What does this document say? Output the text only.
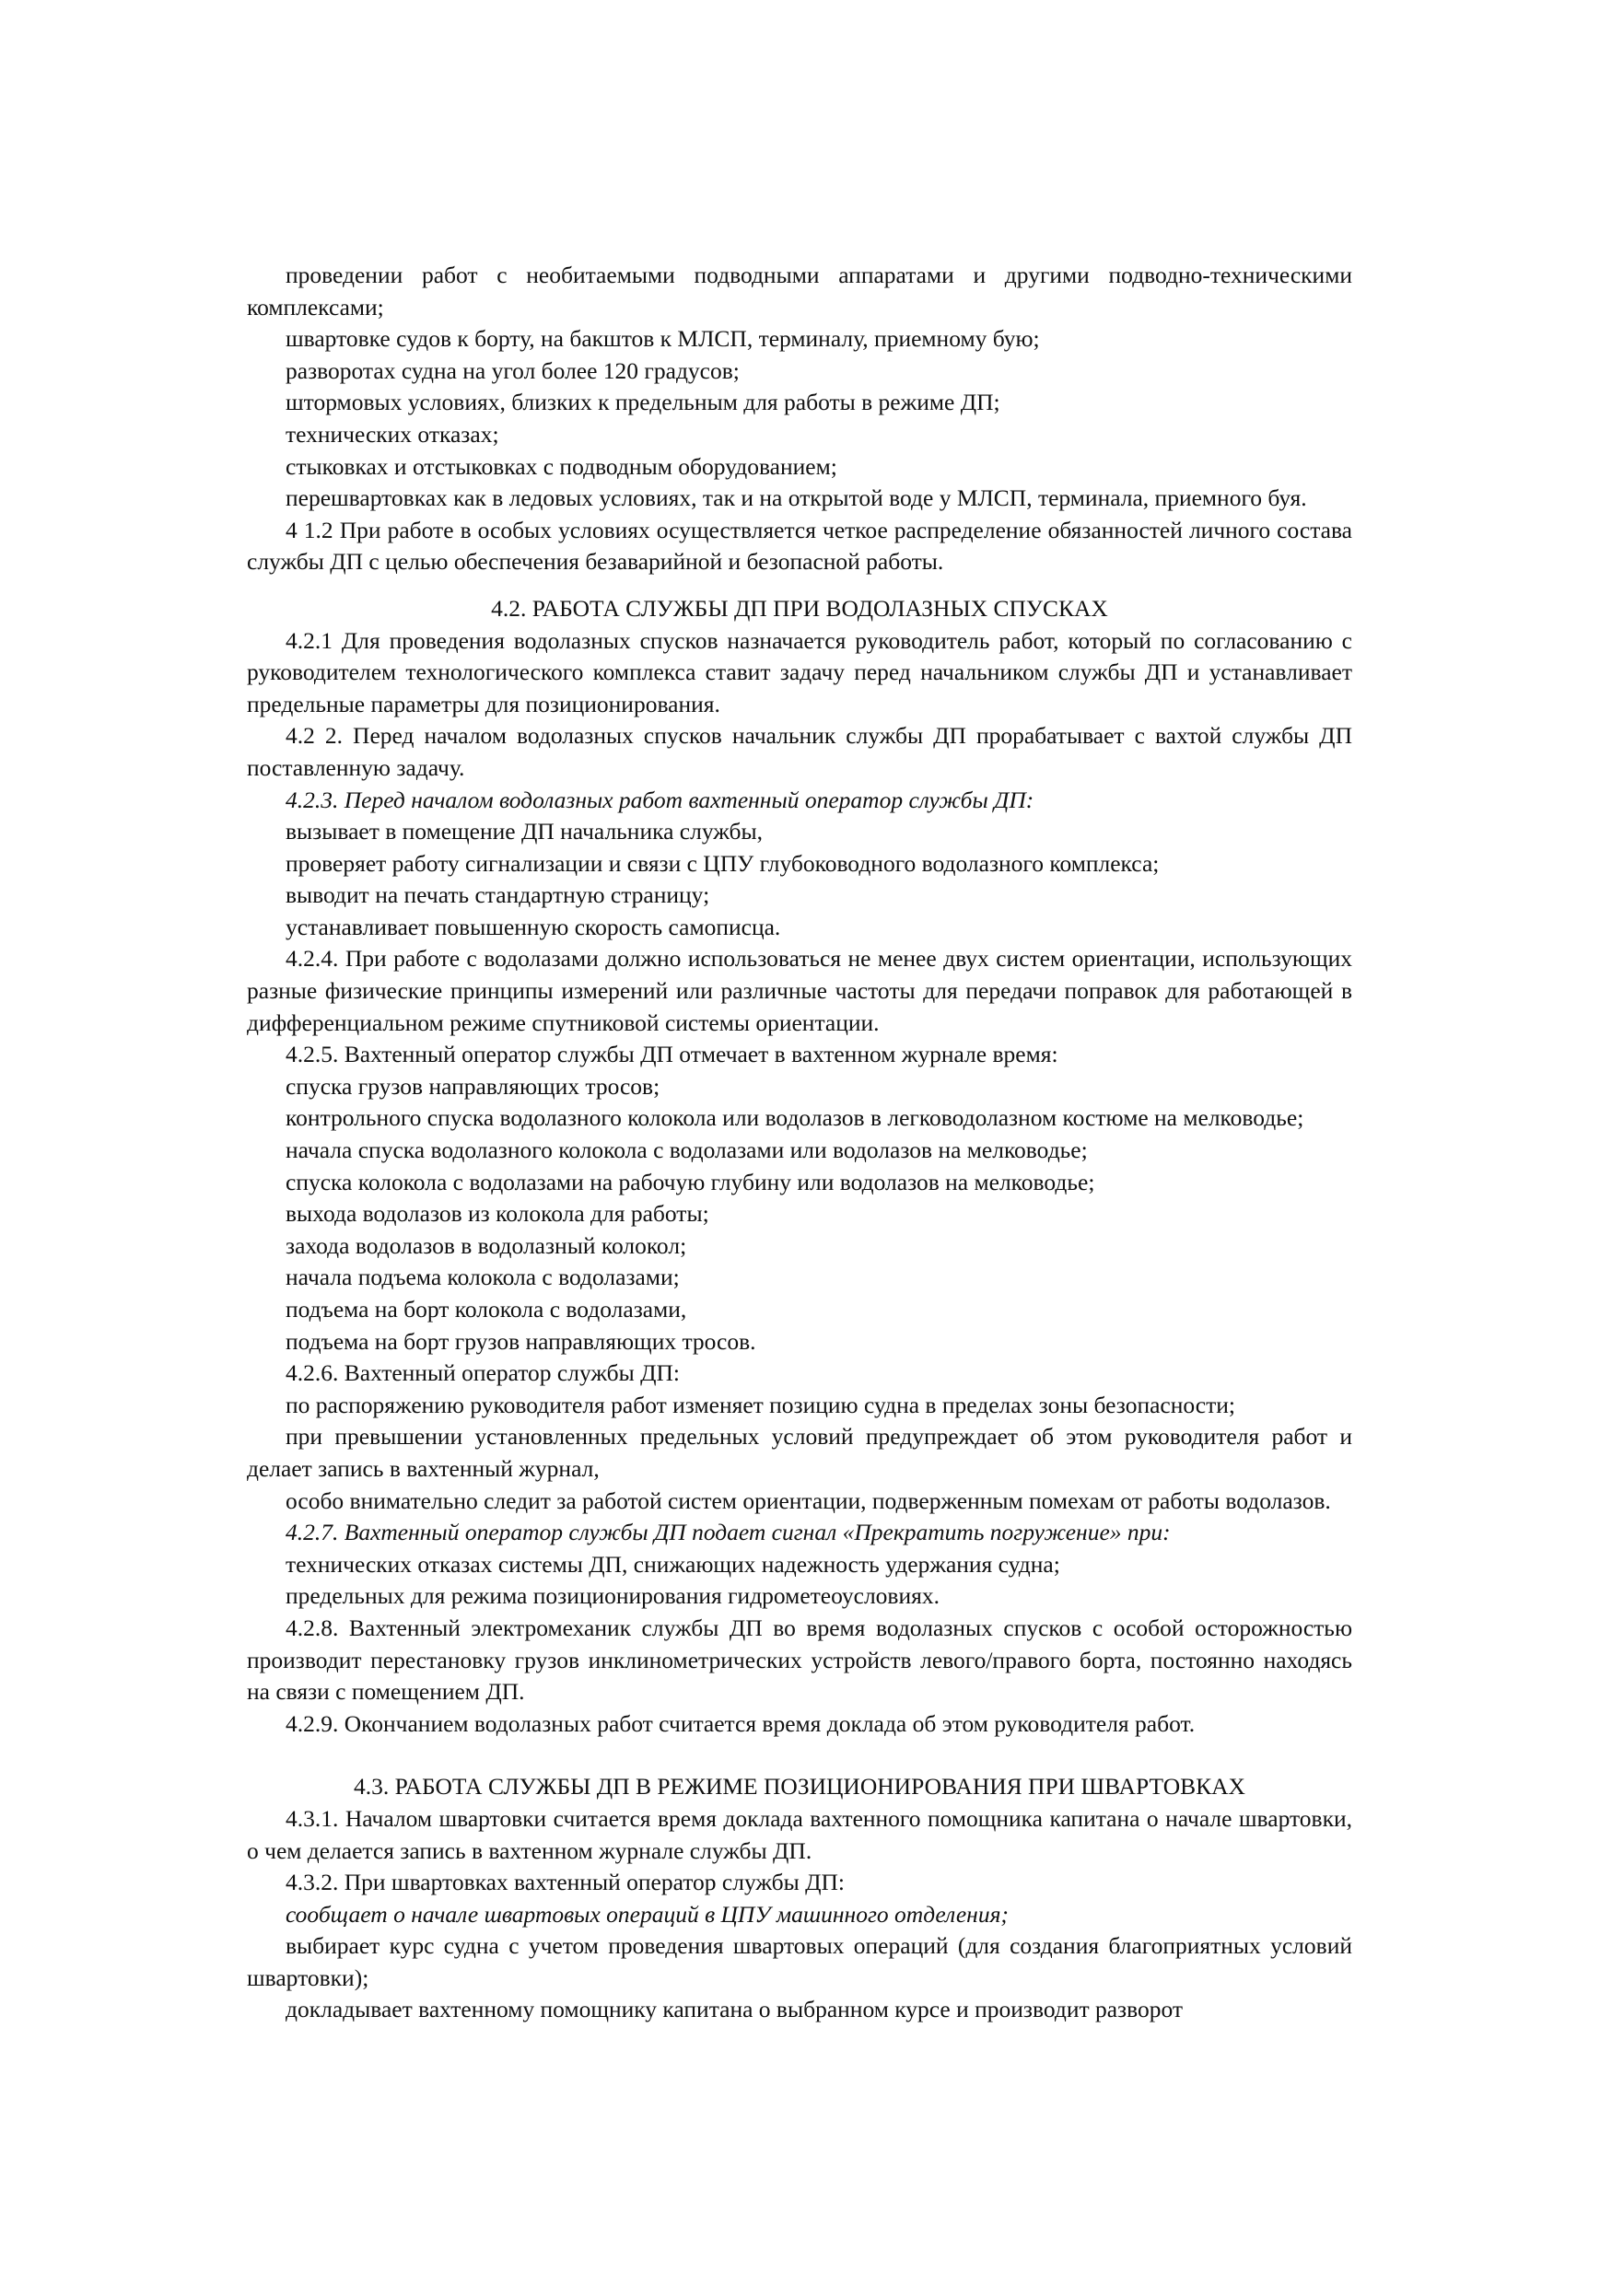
проведении работ с необитаемыми подводными аппаратами и другими подводно-техническими комплексами;

швартовке судов к борту, на бакштов к МЛСП, терминалу, приемному бую;

разворотах судна на угол более 120 градусов;

штормовых условиях, близких к предельным для работы в режиме ДП;

технических отказах;

стыковках и отстыковках с подводным оборудованием;

перешвартовках как в ледовых условиях, так и на открытой воде у МЛСП, терминала, приемного буя.

4 1.2 При работе в особых условиях осуществляется четкое распределение обязанностей личного состава службы ДП с целью обеспечения безаварийной и безопасной работы.

4.2. РАБОТА СЛУЖБЫ ДП ПРИ ВОДОЛАЗНЫХ СПУСКАХ

4.2.1 Для проведения водолазных спусков назначается руководитель работ, который по согласованию с руководителем технологического комплекса ставит задачу перед начальником службы ДП и устанавливает предельные параметры для позиционирования.

4.2 2. Перед началом водолазных спусков начальник службы ДП прорабатывает с вахтой службы ДП поставленную задачу.

4.2.3. Перед началом водолазных работ вахтенный оператор службы ДП:

вызывает в помещение ДП начальника службы,

проверяет работу сигнализации и связи с ЦПУ глубоководного водолазного комплекса;

выводит на печать стандартную страницу;

устанавливает повышенную скорость самописца.

4.2.4. При работе с водолазами должно использоваться не менее двух систем ориентации, использующих разные физические принципы измерений или различные частоты для передачи поправок для работающей в дифференциальном режиме спутниковой системы ориентации.

4.2.5. Вахтенный оператор службы ДП отмечает в вахтенном журнале время:

спуска грузов направляющих тросов;

контрольного спуска водолазного колокола или водолазов в легководолазном костюме на мелководье;

начала спуска водолазного колокола с водолазами или водолазов на мелководье;

спуска колокола с водолазами на рабочую глубину или водолазов на мелководье;

выхода водолазов из колокола для работы;

захода водолазов в водолазный колокол;

начала подъема колокола с водолазами;

подъема на борт колокола с водолазами,

подъема на борт грузов направляющих тросов.

4.2.6. Вахтенный оператор службы ДП:

по распоряжению руководителя работ изменяет позицию судна в пределах зоны безопасности;

при превышении установленных предельных условий предупреждает об этом руководителя работ и делает запись в вахтенный журнал,

особо внимательно следит за работой систем ориентации, подверженным помехам от работы водолазов.

4.2.7. Вахтенный оператор службы ДП подает сигнал «Прекратить погружение» при:

технических отказах системы ДП, снижающих надежность удержания судна;

предельных для режима позиционирования гидрометеоусловиях.

4.2.8. Вахтенный электромеханик службы ДП во время водолазных спусков с особой осторожностью производит перестановку грузов инклинометрических устройств левого/правого борта, постоянно находясь на связи с помещением ДП.

4.2.9. Окончанием водолазных работ считается время доклада об этом руководителя работ.

4.3. РАБОТА СЛУЖБЫ ДП В РЕЖИМЕ ПОЗИЦИОНИРОВАНИЯ ПРИ ШВАРТОВКАХ

4.3.1. Началом швартовки считается время доклада вахтенного помощника капитана о начале швартовки, о чем делается запись в вахтенном журнале службы ДП.

4.3.2. При швартовках вахтенный оператор службы ДП:

сообщает о начале швартовых операций в ЦПУ машинного отделения;

выбирает курс судна с учетом проведения швартовых операций (для создания благоприятных условий швартовки);

докладывает вахтенному помощнику капитана о выбранном курсе и производит разворот
